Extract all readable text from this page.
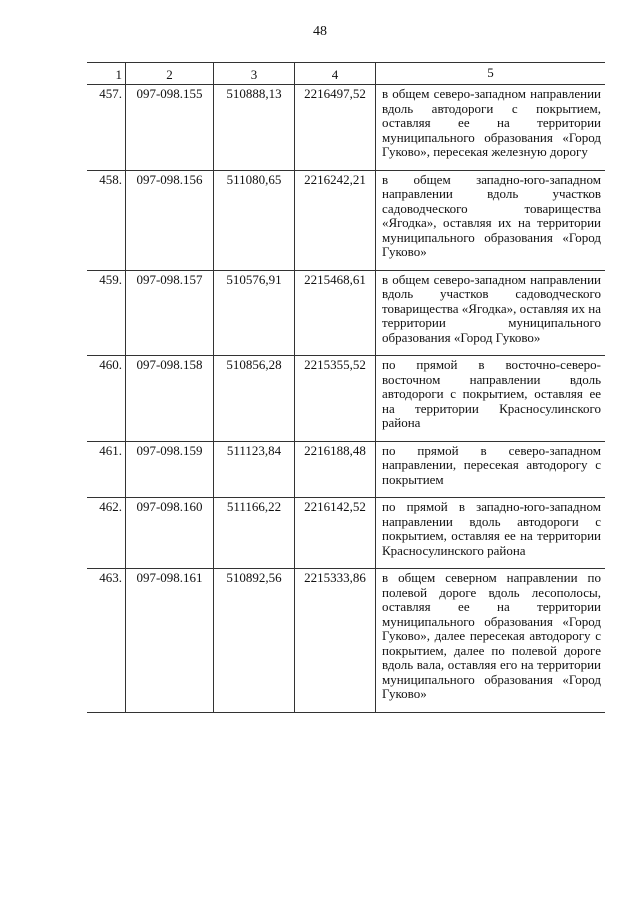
48
1	2	3	4	5
457.	097-098.155	510888,13	2216497,52	в общем северо-западном направлении вдоль автодороги с покрытием, оставляя ее на территории муниципального образования «Город Гуково», пересекая железную дорогу
458.	097-098.156	511080,65	2216242,21	в общем западно-юго-западном направлении вдоль участков садоводческого товарищества «Ягодка», оставляя их на территории муниципального образования «Город Гуково»
459.	097-098.157	510576,91	2215468,61	в общем северо-западном направлении вдоль участков садоводческого товарищества «Ягодка», оставляя их на территории муниципального образования «Город Гуково»
460.	097-098.158	510856,28	2215355,52	по прямой в восточно-северо-восточном направлении вдоль автодороги с покрытием, оставляя ее на территории Красносулинского района
461.	097-098.159	511123,84	2216188,48	по прямой в северо-западном направлении, пересекая автодорогу с покрытием
462.	097-098.160	511166,22	2216142,52	по прямой в западно-юго-западном направлении вдоль автодороги с покрытием, оставляя ее на территории Красносулинского района
463.	097-098.161	510892,56	2215333,86	в общем северном направлении по полевой дороге вдоль лесополосы, оставляя ее на территории муниципального образования «Город Гуково», далее пересекая автодорогу с покрытием, далее по полевой дороге вдоль вала, оставляя его на территории муниципального образования «Город Гуково»
